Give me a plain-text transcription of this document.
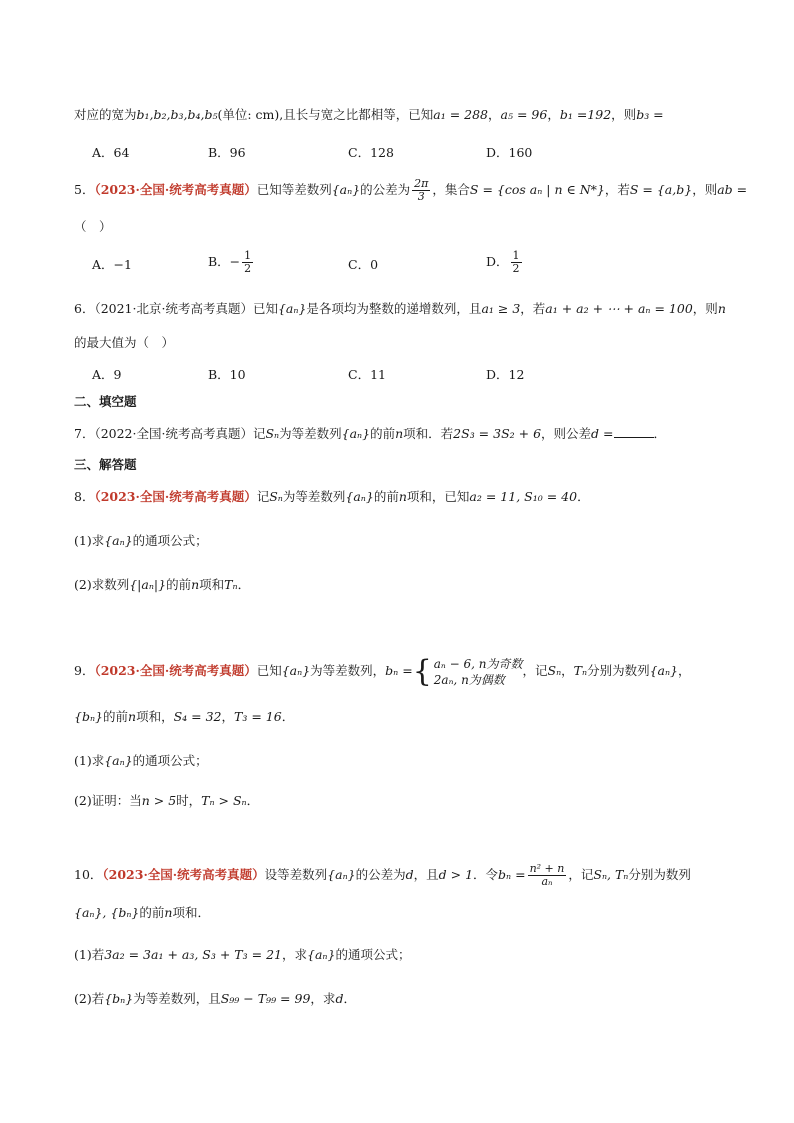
对应的宽为b₁,b₂,b₃,b₄,b₅(单位: cm),且长与宽之比都相等，已知a₁ = 288，a₅ = 96，b₁ =192，则b₃ =
A．64	B．96	C．128	D．160
5．（2023·全国·统考高考真题）已知等差数列{aₙ}的公差为 $\frac{2\pi}{3}$ ，集合S = {cos aₙ | n ∈ N*}，若S = {a,b}，则ab =
（　）
A．−1	B．− $\frac{1}{2}$	C．0	D． $\frac{1}{2}$
6．（2021·北京·统考高考真题）已知{aₙ}是各项均为整数的递增数列，且a₁ ≥ 3，若a₁ + a₂ + ⋯ + aₙ = 100，则n
的最大值为（　）
A．9	B．10	C．11	D．12
二、填空题
7．（2022·全国·统考高考真题）记Sₙ为等差数列{aₙ}的前n项和．若2S₃ = 3S₂ + 6，则公差d =	．
三、解答题
8．（2023·全国·统考高考真题）记Sₙ为等差数列{aₙ}的前n项和，已知a₂ = 11, S₁₀ = 40．
(1)求{aₙ}的通项公式；
(2)求数列{|aₙ|}的前n项和Tₙ．
9．（2023·全国·统考高考真题）已知{aₙ}为等差数列，bₙ = { aₙ − 6, n为奇数
2aₙ, n为偶数
，记Sₙ，Tₙ分别为数列{aₙ}，
{bₙ}的前n项和，S₄ = 32，T₃ = 16．
(1)求{aₙ}的通项公式；
(2)证明：当n > 5时，Tₙ > Sₙ．
10．（2023·全国·统考高考真题）设等差数列{aₙ}的公差为d，且d > 1．令$b_n = \frac{\text{n² + n}}{\text{aₙ}}$ ，记Sₙ, Tₙ分别为数列
{aₙ}, {bₙ}的前n项和．
(1)若3a₂ = 3a₁ + a₃, S₃ + T₃ = 21，求{aₙ}的通项公式；
(2)若{bₙ}为等差数列，且S₉₉ − T₉₉ = 99，求d．
